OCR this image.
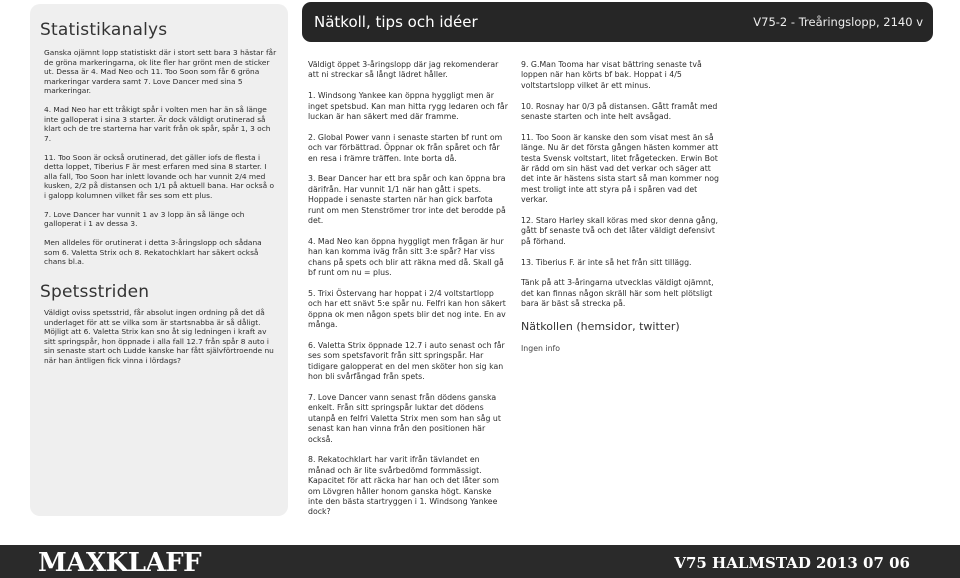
Statistikanalys

Ganska ojämnt lopp statistiskt där i stort sett bara 3 hästar får de gröna markeringarna, ok lite fler har grönt men de sticker ut. Dessa är 4. Mad Neo och 11. Too Soon som får 6 gröna markeringar vardera samt 7. Love Dancer med sina 5 markeringar.

4. Mad Neo har ett tråkigt spår i volten men har än så länge inte galloperat i sina 3 starter. Är dock väldigt orutinerad så klart och de tre starterna har varit från ok spår, spår 1, 3 och 7.

11. Too Soon är också orutinerad, det gäller iofs de flesta i detta loppet, Tiberius F är mest erfaren med sina 8 starter. I alla fall, Too Soon har inlett lovande och har vunnit 2/4 med kusken, 2/2 på distansen och 1/1 på aktuell bana. Har också o i galopp kolumnen vilket får ses som ett plus.

7. Love Dancer har vunnit 1 av 3 lopp än så länge och galloperat i 1 av dessa 3.

Men alldeles för orutinerat i detta 3-åringslopp och sådana som 6. Valetta Strix och 8. Rekatochklart har säkert också chans bl.a.

Spetsstriden

Väldigt oviss spetsstrid, får absolut ingen ordning på det då underlaget för att se vilka som är startsnabba är så dåligt. Möjligt att 6. Valetta Strix kan sno åt sig ledningen i kraft av sitt springspår, hon öppnade i alla fall 12.7 från spår 8 auto i sin senaste start och Ludde kanske har fått självförtroende nu när han äntligen fick vinna i lördags?

Nätkoll, tips och idéer	V75-2 - Treåringslopp, 2140 v

Väldigt öppet 3-åringslopp där jag rekomenderar att ni streckar så långt lädret håller.

1. Windsong Yankee kan öppna hyggligt men är inget spetsbud. Kan man hitta rygg ledaren och får luckan är han säkert med där framme.

2. Global Power vann i senaste starten bf runt om och var förbättrad. Öppnar ok från spåret och får en resa i främre träffen. Inte borta då.

3. Bear Dancer har ett bra spår och kan öppna bra därifrån. Har vunnit 1/1 när han gått i spets. Hoppade i senaste starten när han gick barfota runt om men Stenströmer tror inte det berodde på det.

4. Mad Neo kan öppna hyggligt men frågan är hur han kan komma iväg från sitt 3:e spår? Har viss chans på spets och blir att räkna med då. Skall gå bf runt om nu = plus.

5. Trixi Östervang har hoppat i 2/4 voltstartlopp och har ett snävt 5:e spår nu. Felfri kan hon säkert öppna ok men någon spets blir det nog inte. En av många.

6. Valetta Strix öppnade 12.7 i auto senast och får ses som spetsfavorit från sitt springspår. Har tidigare galopperat en del men sköter hon sig kan hon bli svårfångad från spets.

7. Love Dancer vann senast från dödens ganska enkelt. Från sitt springspår luktar det dödens utanpå en felfri Valetta Strix men som han såg ut senast kan han vinna från den positionen här också.

8. Rekatochklart har varit ifrån tävlandet en månad och är lite svårbedömd formmässigt. Kapacitet för att räcka har han och det låter som om Lövgren håller honom ganska högt. Kanske inte den bästa startryggen i 1. Windsong Yankee dock?

9. G.Man Tooma har visat bättring senaste två loppen när han körts bf bak. Hoppat i 4/5 voltstartslopp vilket är ett minus.

10. Rosnay har 0/3 på distansen. Gått framåt med senaste starten och inte helt avsågad.

11. Too Soon är kanske den som visat mest än så länge. Nu är det första gången hästen kommer att testa Svensk voltstart, litet frågetecken. Erwin Bot är rädd om sin häst vad det verkar och säger att det inte är hästens sista start så man kommer nog mest troligt inte att styra på i spåren vad det verkar.

12. Staro Harley skall köras med skor denna gång, gått bf senaste två och det låter väldigt defensivt på förhand.

13. Tiberius F. är inte så het från sitt tillägg.

Tänk på att 3-åringarna utvecklas väldigt ojämnt, det kan finnas någon skräll här som helt plötsligt bara är bäst så strecka på.

Nätkollen (hemsidor, twitter)

Ingen info

MAXKLAFF	V75 HALMSTAD 2013 07 06
